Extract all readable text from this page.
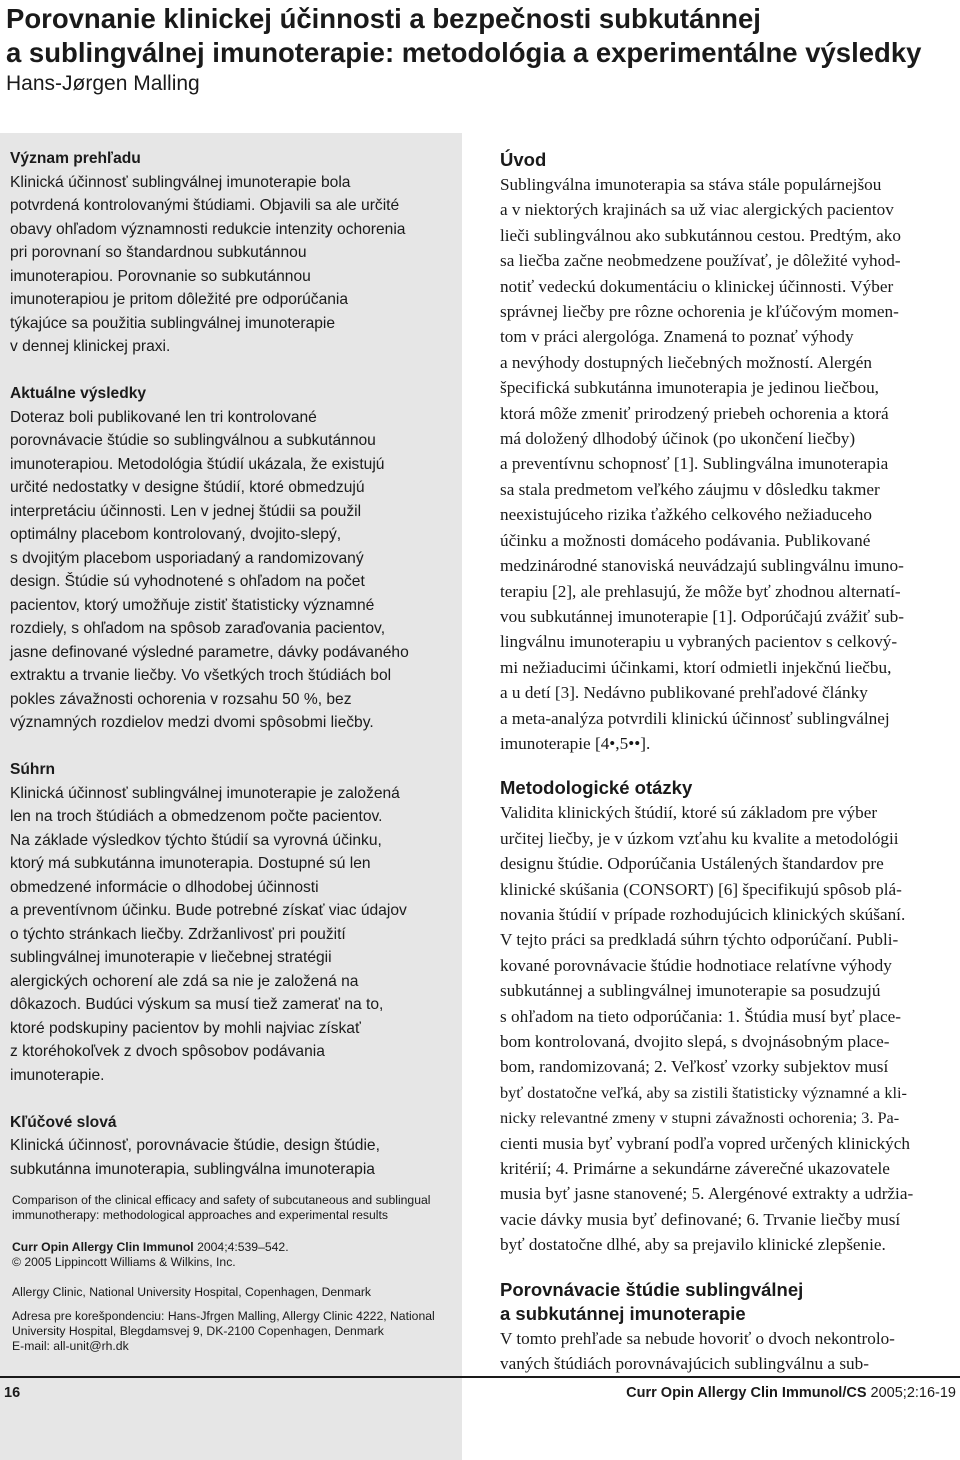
Porovnanie klinickej účinnosti a bezpečnosti subkutánnej
a sublingválnej imunoterapie: metodológia a experimentálne výsledky

Hans-Jørgen Malling

Význam prehľadu
Klinická účinnosť sublingválnej imunoterapie bola
potvrdená kontrolovanými štúdiami. Objavili sa ale určité
obavy ohľadom významnosti redukcie intenzity ochorenia
pri porovnaní so štandardnou subkutánnou
imunoterapiou. Porovnanie so subkutánnou
imunoterapiou je pritom dôležité pre odporúčania
týkajúce sa použitia sublingválnej imunoterapie
v dennej klinickej praxi.
Aktuálne výsledky
Doteraz boli publikované len tri kontrolované
porovnávacie štúdie so sublingválnou a subkutánnou
imunoterapiou. Metodológia štúdií ukázala, že existujú
určité nedostatky v designe štúdií, ktoré obmedzujú
interpretáciu účinnosti. Len v jednej štúdii sa použil
optimálny placebom kontrolovaný, dvojito-slepý,
s dvojitým placebom usporiadaný a randomizovaný
design. Štúdie sú vyhodnotené s ohľadom na počet
pacientov, ktorý umožňuje zistiť štatisticky významné
rozdiely, s ohľadom na spôsob zaraďovania pacientov,
jasne definované výsledné parametre, dávky podávaného
extraktu a trvanie liečby. Vo všetkých troch štúdiách bol
pokles závažnosti ochorenia v rozsahu 50 %, bez
významných rozdielov medzi dvomi spôsobmi liečby.
Súhrn
Klinická účinnosť sublingválnej imunoterapie je založená
len na troch štúdiách a obmedzenom počte pacientov.
Na základe výsledkov týchto štúdií sa vyrovná účinku,
ktorý má subkutánna imunoterapia. Dostupné sú len
obmedzené informácie o dlhodobej účinnosti
a preventívnom účinku. Bude potrebné získať viac údajov
o týchto stránkach liečby. Zdržanlivosť pri použití
sublingválnej imunoterapie v liečebnej stratégii
alergických ochorení ale zdá sa nie je založená na
dôkazoch. Budúci výskum sa musí tiež zamerať na to,
ktoré podskupiny pacientov by mohli najviac získať
z ktoréhokoľvek z dvoch spôsobov podávania
imunoterapie.
Kľúčové slová
Klinická účinnosť, porovnávacie štúdie, design štúdie,
subkutánna imunoterapia, sublingválna imunoterapia
Comparison of the clinical efficacy and safety of subcutaneous and sublingual
immunotherapy: methodological approaches and experimental results
Curr Opin Allergy Clin Immunol 2004;4:539–542.
© 2005 Lippincott Williams & Wilkins, Inc.
Allergy Clinic, National University Hospital, Copenhagen, Denmark
Adresa pre korešpondenciu: Hans-Jfrgen Malling, Allergy Clinic 4222, National
University Hospital, Blegdamsvej 9, DK-2100 Copenhagen, Denmark
E-mail: all-unit@rh.dk
Úvod
Sublingválna imunoterapia sa stáva stále populárnejšou
a v niektorých krajinách sa už viac alergických pacientov
lieči sublingválnou ako subkutánnou cestou. Predtým, ako
sa liečba začne neobmedzene používať, je dôležité vyhod-
notiť vedeckú dokumentáciu o klinickej účinnosti. Výber
správnej liečby pre rôzne ochorenia je kľúčovým momen-
tom v práci alergológa. Znamená to poznať výhody
a nevýhody dostupných liečebných možností. Alergén
špecifická subkutánna imunoterapia je jedinou liečbou,
ktorá môže zmeniť prirodzený priebeh ochorenia a ktorá
má doložený dlhodobý účinok (po ukončení liečby)
a preventívnu schopnosť [1]. Sublingválna imunoterapia
sa stala predmetom veľkého záujmu v dôsledku takmer
neexistujúceho rizika ťažkého celkového nežiaduceho
účinku a možnosti domáceho podávania. Publikované
medzinárodné stanoviská neuvádzajú sublingválnu imuno-
terapiu [2], ale prehlasujú, že môže byť zhodnou alternatí-
vou subkutánnej imunoterapie [1]. Odporúčajú zvážiť sub-
lingválnu imunoterapiu u vybraných pacientov s celkový-
mi nežiaducimi účinkami, ktorí odmietli injekčnú liečbu,
a u detí [3]. Nedávno publikované prehľadové články
a meta-analýza potvrdili klinickú účinnosť sublingválnej
imunoterapie [4•,5••].
Metodologické otázky
Validita klinických štúdií, ktoré sú základom pre výber
určitej liečby, je v úzkom vzťahu ku kvalite a metodológii
designu štúdie. Odporúčania Ustálených štandardov pre
klinické skúšania (CONSORT) [6] špecifikujú spôsob plá-
novania štúdií v prípade rozhodujúcich klinických skúšaní.
V tejto práci sa predkladá súhrn týchto odporúčaní. Publi-
kované porovnávacie štúdie hodnotiace relatívne výhody
subkutánnej a sublingválnej imunoterapie sa posudzujú
s ohľadom na tieto odporúčania: 1. Štúdia musí byť place-
bom kontrolovaná, dvojito slepá, s dvojnásobným place-
bom, randomizovaná; 2. Veľkosť vzorky subjektov musí
byť dostatočne veľká, aby sa zistili štatisticky významné a kli-
nicky relevantné zmeny v stupni závažnosti ochorenia; 3. Pa-
cienti musia byť vybraní podľa vopred určených klinických
kritérií; 4. Primárne a sekundárne záverečné ukazovatele
musia byť jasne stanovené; 5. Alergénové extrakty a udržia-
vacie dávky musia byť definované; 6. Trvanie liečby musí
byť dostatočne dlhé, aby sa prejavilo klinické zlepšenie.
Porovnávacie štúdie sublingválnej
a subkutánnej imunoterapie
V tomto prehľade sa nebude hovoriť o dvoch nekontrolo-
vaných štúdiách porovnávajúcich sublingválnu a sub-
16	Curr Opin Allergy Clin Immunol/CS 2005;2:16-19
